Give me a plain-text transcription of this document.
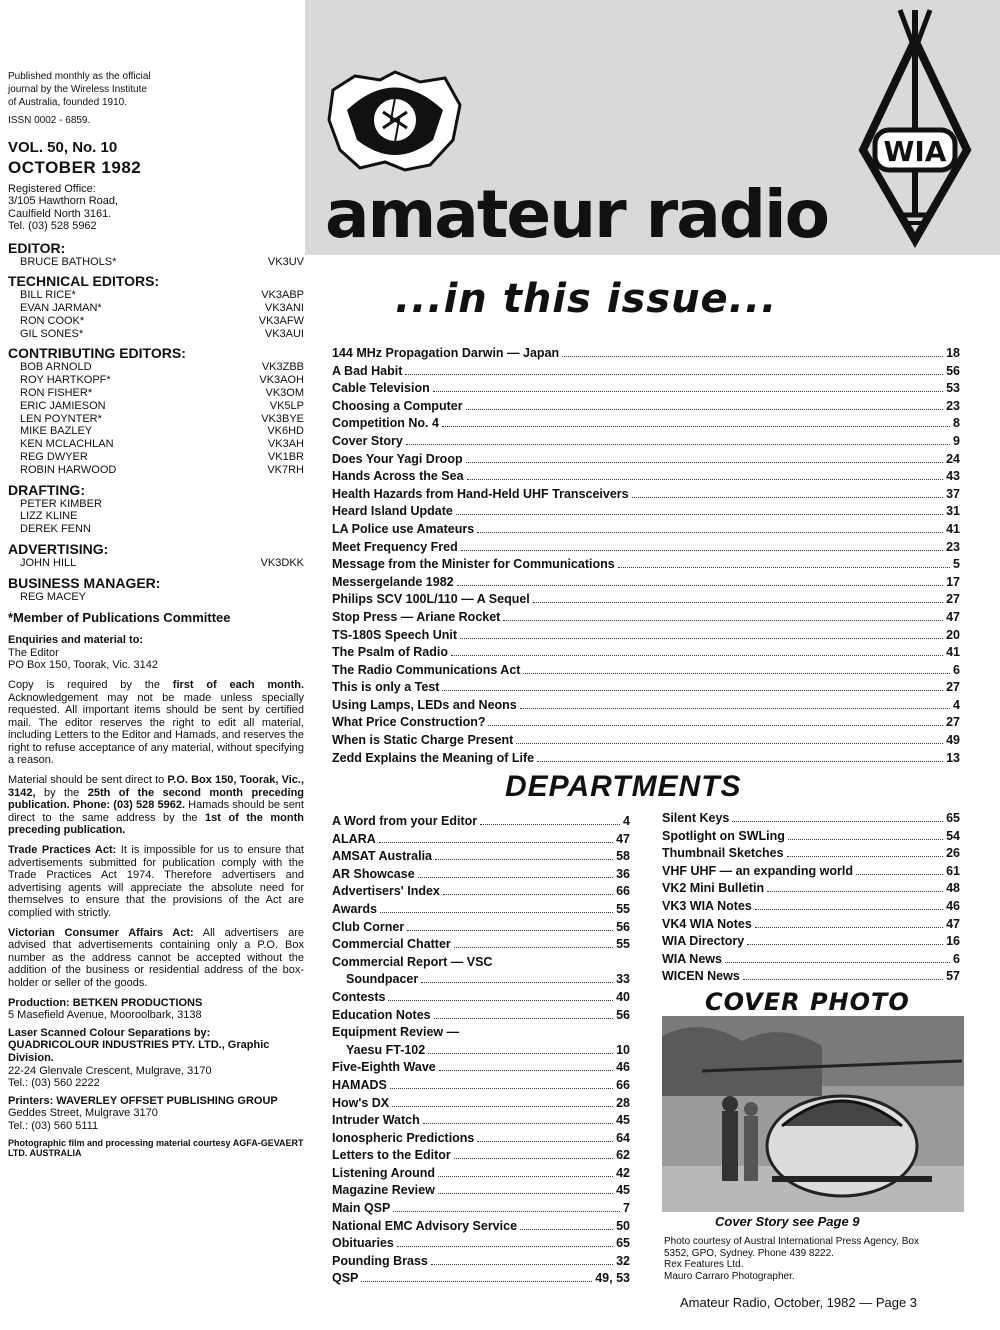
Published monthly as the official
journal by the Wireless Institute
of Australia, founded 1910.
ISSN 0002 - 6859.
VOL. 50, No. 10
OCTOBER 1982
Registered Office:
3/105 Hawthorn Road,
Caulfield North 3161.
Tel. (03) 528 5962
EDITOR:
BRUCE BATHOLS*	VK3UV
TECHNICAL EDITORS:
BILL RICE*	VK3ABP
EVAN JARMAN*	VK3ANI
RON COOK*	VK3AFW
GIL SONES*	VK3AUI
CONTRIBUTING EDITORS:
BOB ARNOLD	VK3ZBB
ROY HARTKOPF*	VK3AOH
RON FISHER*	VK3OM
ERIC JAMIESON	VK5LP
LEN POYNTER*	VK3BYE
MIKE BAZLEY	VK6HD
KEN MCLACHLAN	VK3AH
REG DWYER	VK1BR
ROBIN HARWOOD	VK7RH
DRAFTING:
PETER KIMBER
LIZZ KLINE
DEREK FENN
ADVERTISING:
JOHN HILL	VK3DKK
BUSINESS MANAGER:
REG MACEY
*Member of Publications Committee
Enquiries and material to:
The Editor
PO Box 150, Toorak, Vic. 3142
Copy is required by the first of each month. Acknowledgement may not be made unless specially requested. All important items should be sent by certified mail. The editor reserves the right to edit all material, including Letters to the Editor and Hamads, and reserves the right to refuse acceptance of any material, without specifying a reason.
Material should be sent direct to P.O. Box 150, Toorak, Vic., 3142, by the 25th of the second month preceding publication. Phone: (03) 528 5962. Hamads should be sent direct to the same address by the 1st of the month preceding publication.
Trade Practices Act: It is impossible for us to ensure that advertisements submitted for publication comply with the Trade Practices Act 1974. Therefore advertisers and advertising agents will appreciate the absolute need for themselves to ensure that the provisions of the Act are complied with strictly.
Victorian Consumer Affairs Act: All advertisers are advised that advertisements containing only a P.O. Box number as the address cannot be accepted without the addition of the business or residential address of the box-holder or seller of the goods.
Production: BETKEN PRODUCTIONS
5 Masefield Avenue, Mooroolbark, 3138
Laser Scanned Colour Separations by:
QUADRICOLOUR INDUSTRIES PTY. LTD., Graphic Division.
22-24 Glenvale Crescent, Mulgrave, 3170
Tel.: (03) 560 2222
Printers: WAVERLEY OFFSET PUBLISHING GROUP
Geddes Street, Mulgrave 3170
Tel.: (03) 560 5111
Photographic film and processing material courtesy AGFA-GEVAERT LTD. AUSTRALIA
amateur radio
WIA
...in this issue...
144 MHz Propagation Darwin — Japan	18
A Bad Habit	56
Cable Television	53
Choosing a Computer	23
Competition No. 4	8
Cover Story	9
Does Your Yagi Droop	24
Hands Across the Sea	43
Health Hazards from Hand-Held UHF Transceivers	37
Heard Island Update	31
LA Police use Amateurs	41
Meet Frequency Fred	23
Message from the Minister for Communications	5
Messergelande 1982	17
Philips SCV 100L/110 — A Sequel	27
Stop Press — Ariane Rocket	47
TS-180S Speech Unit	20
The Psalm of Radio	41
The Radio Communications Act	6
This is only a Test	27
Using Lamps, LEDs and Neons	4
What Price Construction?	27
When is Static Charge Present	49
Zedd Explains the Meaning of Life	13
DEPARTMENTS
A Word from your Editor	4
ALARA	47
AMSAT Australia	58
AR Showcase	36
Advertisers' Index	66
Awards	55
Club Corner	56
Commercial Chatter	55
Commercial Report — VSC
Soundpacer	33
Contests	40
Education Notes	56
Equipment Review —
Yaesu FT-102	10
Five-Eighth Wave	46
HAMADS	66
How's DX	28
Intruder Watch	45
Ionospheric Predictions	64
Letters to the Editor	62
Listening Around	42
Magazine Review	45
Main QSP	7
National EMC Advisory Service	50
Obituaries	65
Pounding Brass	32
QSP	49, 53
Silent Keys	65
Spotlight on SWLing	54
Thumbnail Sketches	26
VHF UHF — an expanding world	61
VK2 Mini Bulletin	48
VK3 WIA Notes	46
VK4 WIA Notes	47
WIA Directory	16
WIA News	6
WICEN News	57
COVER PHOTO
Cover Story see Page 9
Photo courtesy of Austral International Press Agency, Box
5352, GPO, Sydney. Phone 439 8222.
Rex Features Ltd.
Mauro Carraro Photographer.
Amateur Radio, October, 1982 — Page 3
